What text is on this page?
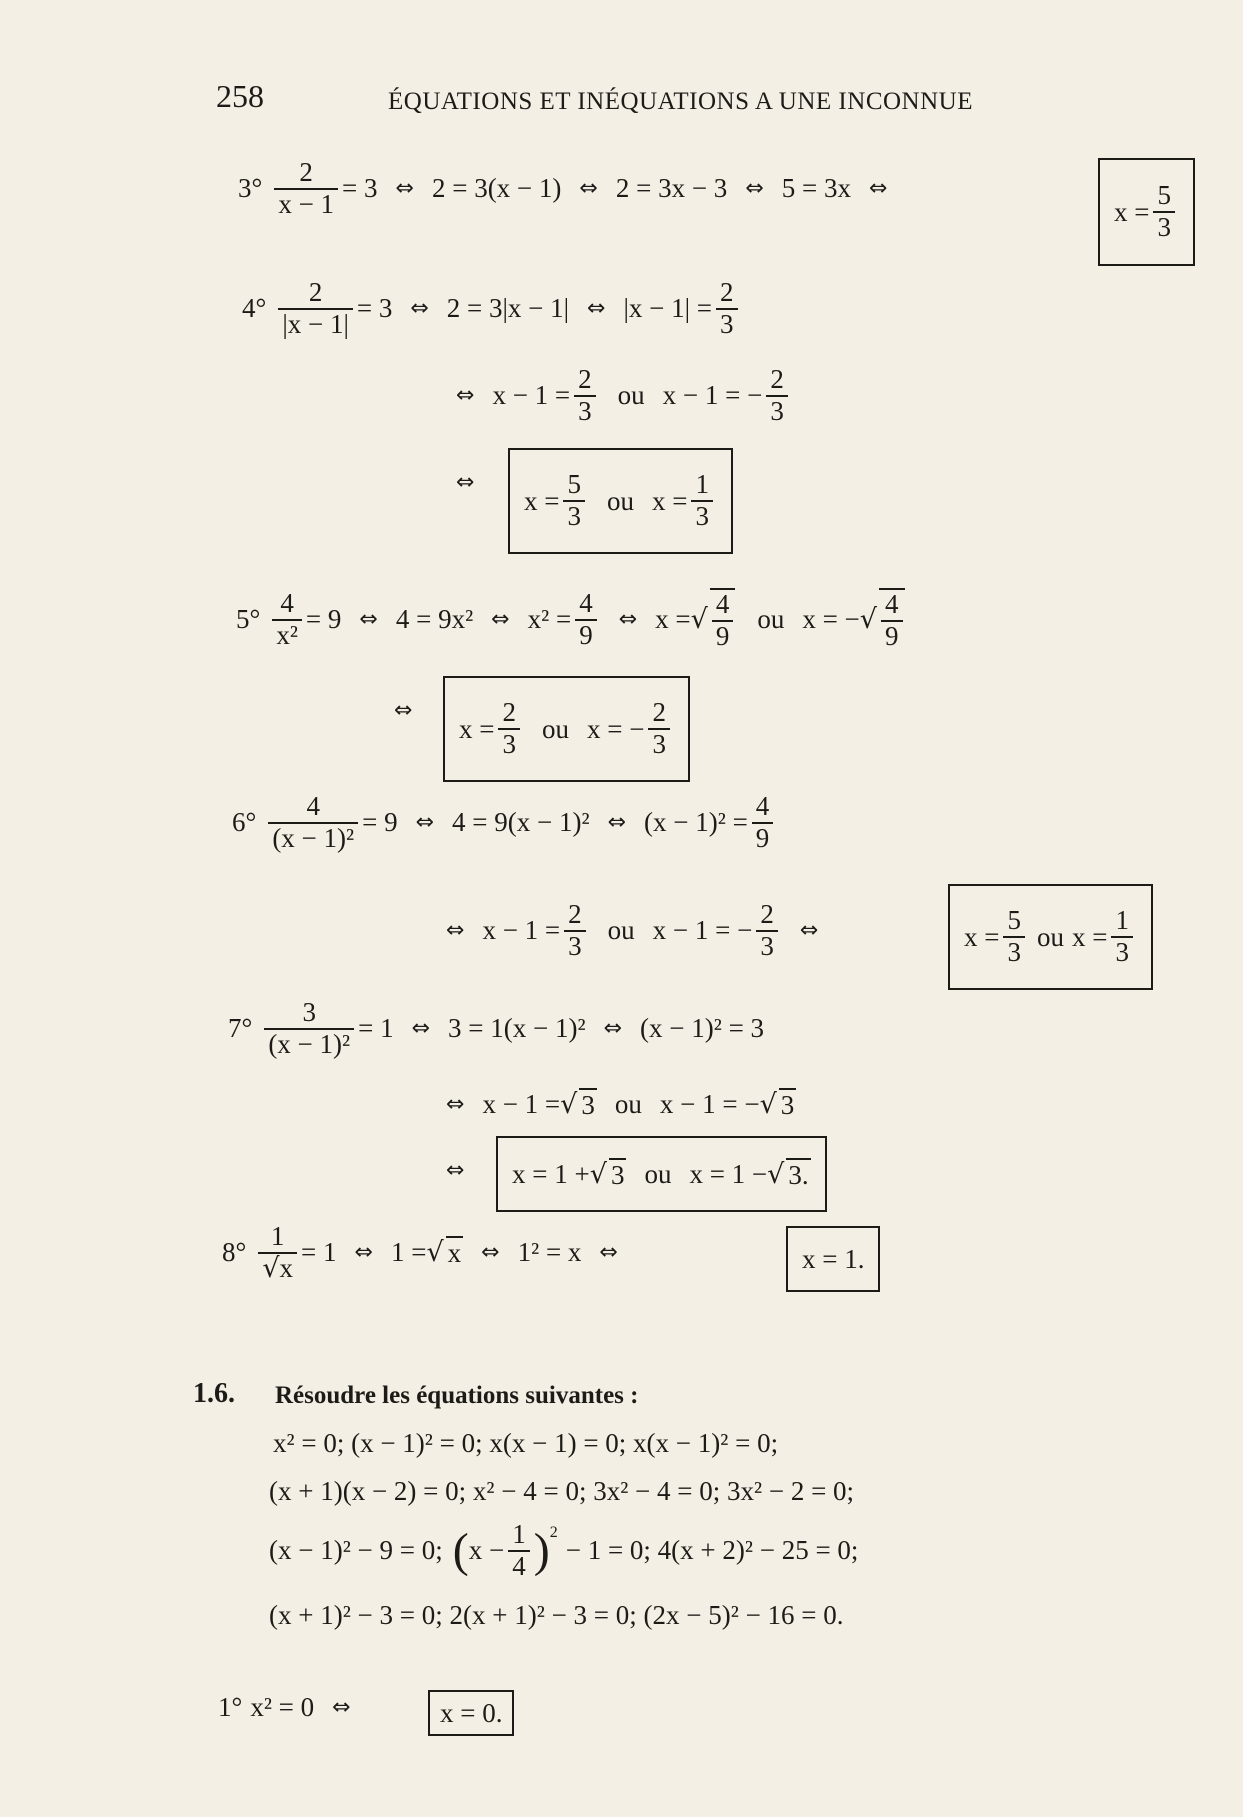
258	ÉQUATIONS ET INÉQUATIONS A UNE INCONNUE
$3^\circ \frac{2}{x - 1} = 3$ ⇔ 2 = 3(x − 1) ⇔ 2 = 3x − 3 ⇔ 5 = 3x ⇔
$x = \frac{5}{3}$
$4^\circ \frac{2}{|x - 1|} = 3$ ⇔ 2 = 3|x − 1| ⇔ $|x - 1| = \frac{2}{3}$
⇔ $x - 1 = \frac{2}{3}$ ou x − 1 = − $\frac{2}{3}$
⇔
$x = \frac{5}{3}$ ou $x = \frac{1}{3}$
$5^\circ \frac{4}{\text{x²}} = 9$ ⇔ 4 = 9x² ⇔ $x^2 = \frac{4}{9}$ ⇔ x = √ $\frac{4}{9}$ ou x = − √ $\frac{4}{9}$
⇔
$x = \frac{2}{3}$ ou x = − $\frac{2}{3}$
$6^\circ \frac{4}{\text{(x − 1)²}} = 9$ ⇔ 4 = 9(x − 1)² ⇔ $(x - 1)^2 = \frac{4}{9}$
⇔ $x - 1 = \frac{2}{3}$ ou x − 1 = − $\frac{2}{3}$ ⇔	$x = \frac{5}{3}$ ou $x = \frac{1}{3}$
$7^\circ \frac{3}{\text{(x − 1)²}} = 1$ ⇔ 3 = 1(x − 1)² ⇔ (x − 1)² = 3
⇔ x − 1 = √ 3 ou x − 1 = − √ 3
⇔ x = 1 + √ 3 ou x = 1 − √ 3.
$8^\circ \frac{1}{√x} = 1$ ⇔ 1 = √ x ⇔ 1² = x ⇔	x = 1.
1.6. Résoudre les équations suivantes :
x² = 0; (x − 1)² = 0; x(x − 1) = 0; x(x − 1)² = 0;
(x + 1)(x − 2) = 0; x² − 4 = 0; 3x² − 4 = 0; 3x² − 2 = 0;
(x − 1)² − 9 = 0; ( $x - \frac{1}{4} )^2$
− 1 = 0; 4(x + 2)² − 25 = 0;
(x + 1)² − 3 = 0; 2(x + 1)² − 3 = 0; (2x − 5)² − 16 = 0.
1° x² = 0 ⇔	x = 0.
